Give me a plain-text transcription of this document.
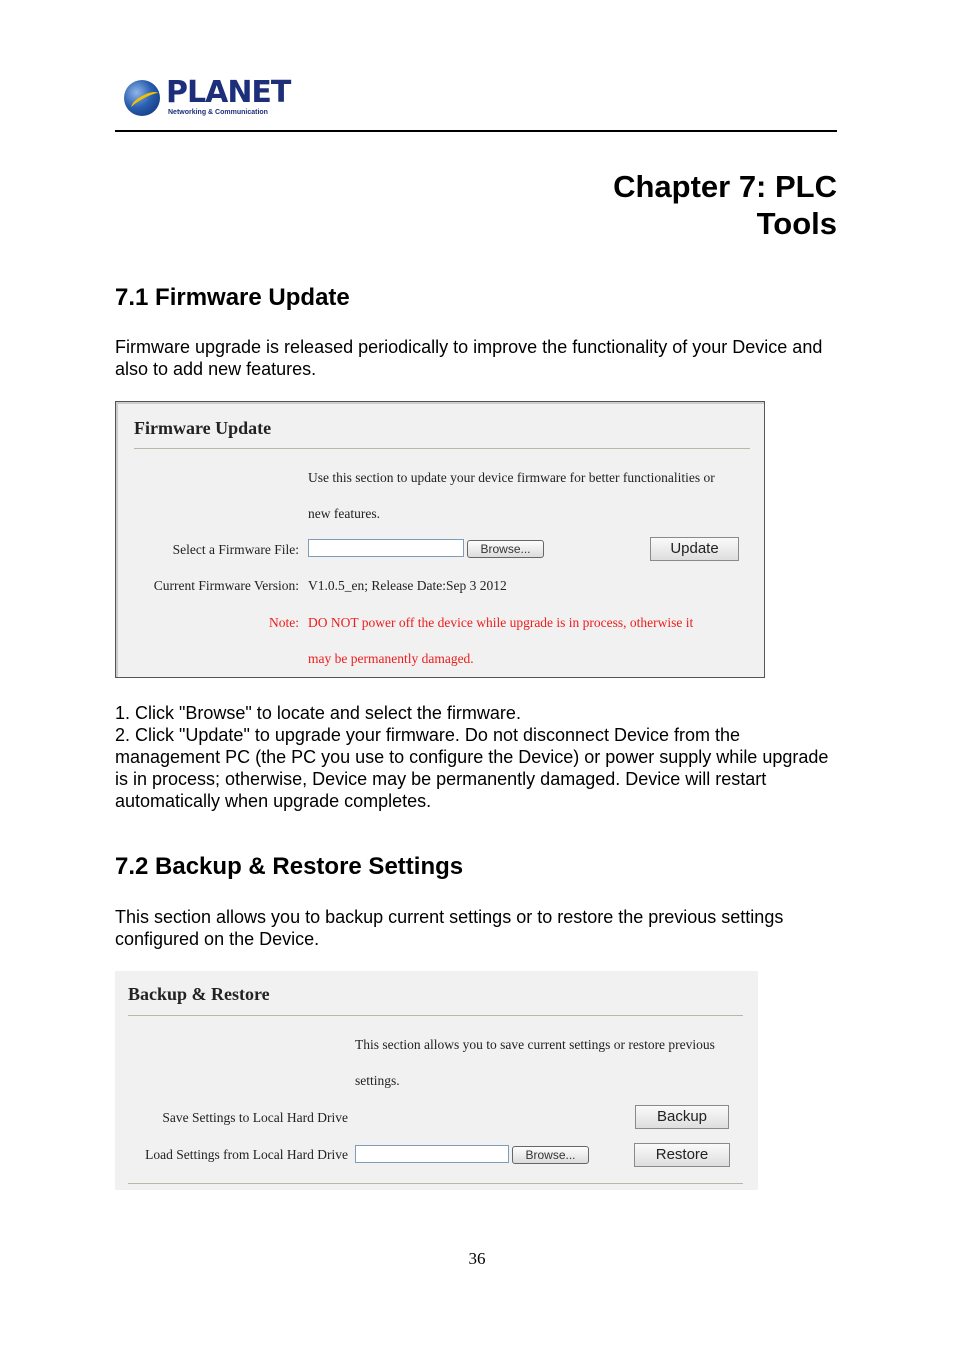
PLANET
Networking & Communication
Chapter 7: PLC
Tools
7.1 Firmware Update

Firmware upgrade is released periodically to improve the functionality of your Device and also to add new features.

Firmware Update
Use this section to update your device firmware for better functionalities or
new features.
Select a Firmware File:	Browse...	Update
Current Firmware Version: V1.0.5_en; Release Date:Sep 3 2012
Note: DO NOT power off the device while upgrade is in process, otherwise it
may be permanently damaged.

1. Click "Browse" to locate and select the firmware.

2. Click "Update" to upgrade your firmware. Do not disconnect Device from the management PC (the PC you use to configure the Device) or power supply while upgrade is in process; otherwise, Device may be permanently damaged. Device will restart automatically when upgrade completes.

7.2 Backup & Restore Settings

This section allows you to backup current settings or to restore the previous settings configured on the Device.

Backup & Restore
This section allows you to save current settings or restore previous
settings.
Save Settings to Local Hard Drive	Backup
Load Settings from Local Hard Drive	Browse...	Restore
36
